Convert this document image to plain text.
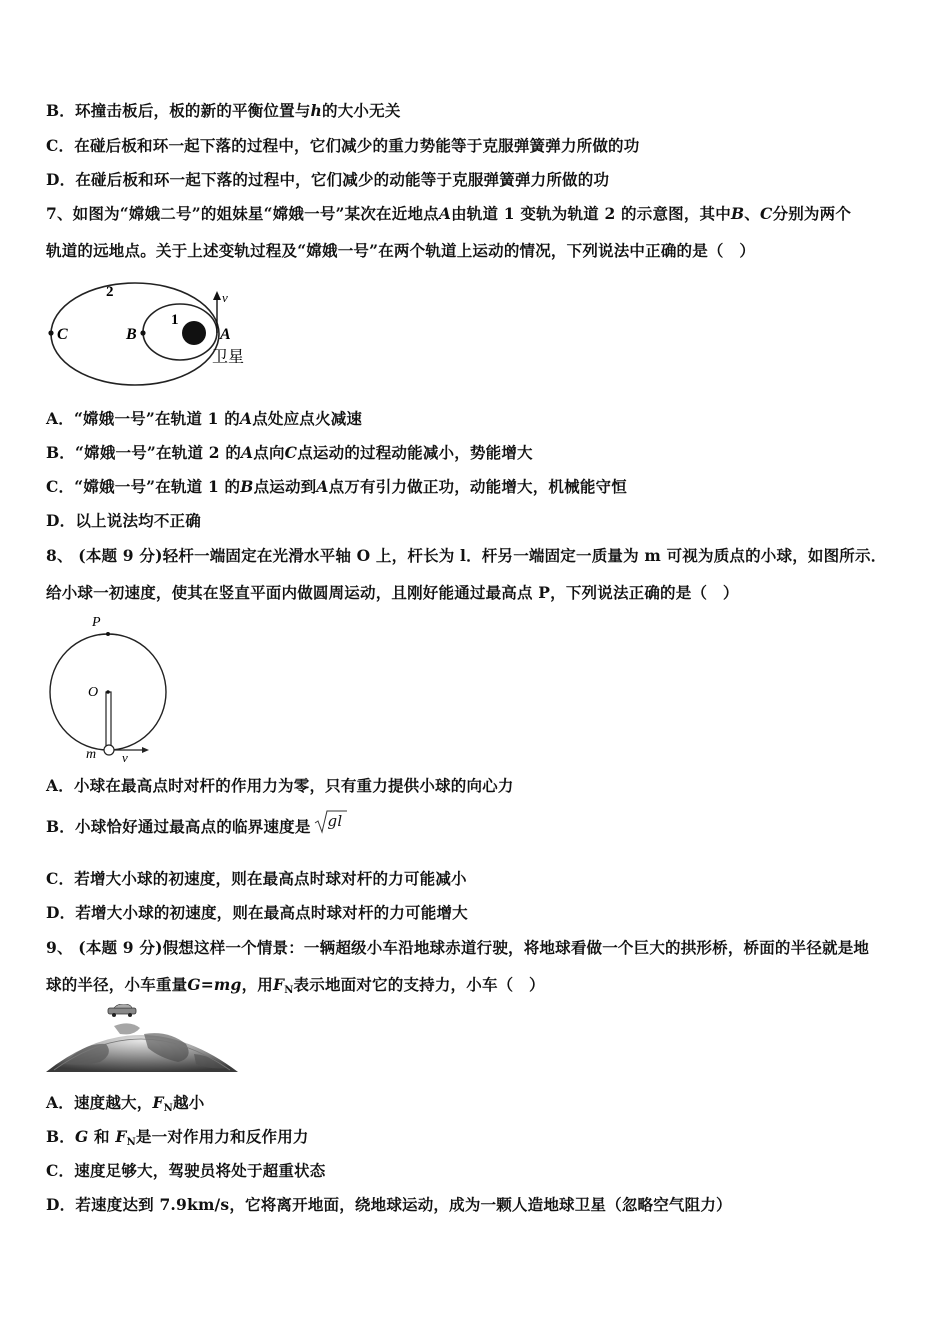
B．环撞击板后，板的新的平衡位置与h的大小无关
C．在碰后板和环一起下落的过程中，它们减少的重力势能等于克服弹簧弹力所做的功
D．在碰后板和环一起下落的过程中，它们减少的动能等于克服弹簧弹力所做的功
7、如图为“嫦娥二号”的姐妹星“嫦娥一号”某次在近地点A由轨道 1 变轨为轨道 2 的示意图，其中B、C分别为两个
轨道的远地点。关于上述变轨过程及“嫦娥一号”在两个轨道上运动的情况，下列说法中正确的是（　）
2
1
C	B	A
v
卫星
A．“嫦娥一号”在轨道 1 的A点处应点火减速
B．“嫦娥一号”在轨道 2 的A点向C点运动的过程动能减小，势能增大
C．“嫦娥一号”在轨道 1 的B点运动到A点万有引力做正功，动能增大，机械能守恒
D．以上说法均不正确
8、 (本题 9 分)轻杆一端固定在光滑水平轴 O 上，杆长为 l．杆另一端固定一质量为 m 可视为质点的小球，如图所示．
给小球一初速度，使其在竖直平面内做圆周运动，且刚好能通过最高点 P，下列说法正确的是（　）
P
O
m v
A．小球在最高点时对杆的作用力为零，只有重力提供小球的向心力
B．小球恰好通过最高点的临界速度是 gl
C．若增大小球的初速度，则在最高点时球对杆的力可能减小
D．若增大小球的初速度，则在最高点时球对杆的力可能增大
9、 (本题 9 分)假想这样一个情景：一辆超级小车沿地球赤道行驶，将地球看做一个巨大的拱形桥，桥面的半径就是地
球的半径，小车重量G=mg，用$F_N$表示地面对它的支持力，小车（　）
A．速度越大，$F_N$越小
B．G 和 $F_N$是一对作用力和反作用力
C．速度足够大，驾驶员将处于超重状态
D．若速度达到 7.9km/s，它将离开地面，绕地球运动，成为一颗人造地球卫星（忽略空气阻力）
